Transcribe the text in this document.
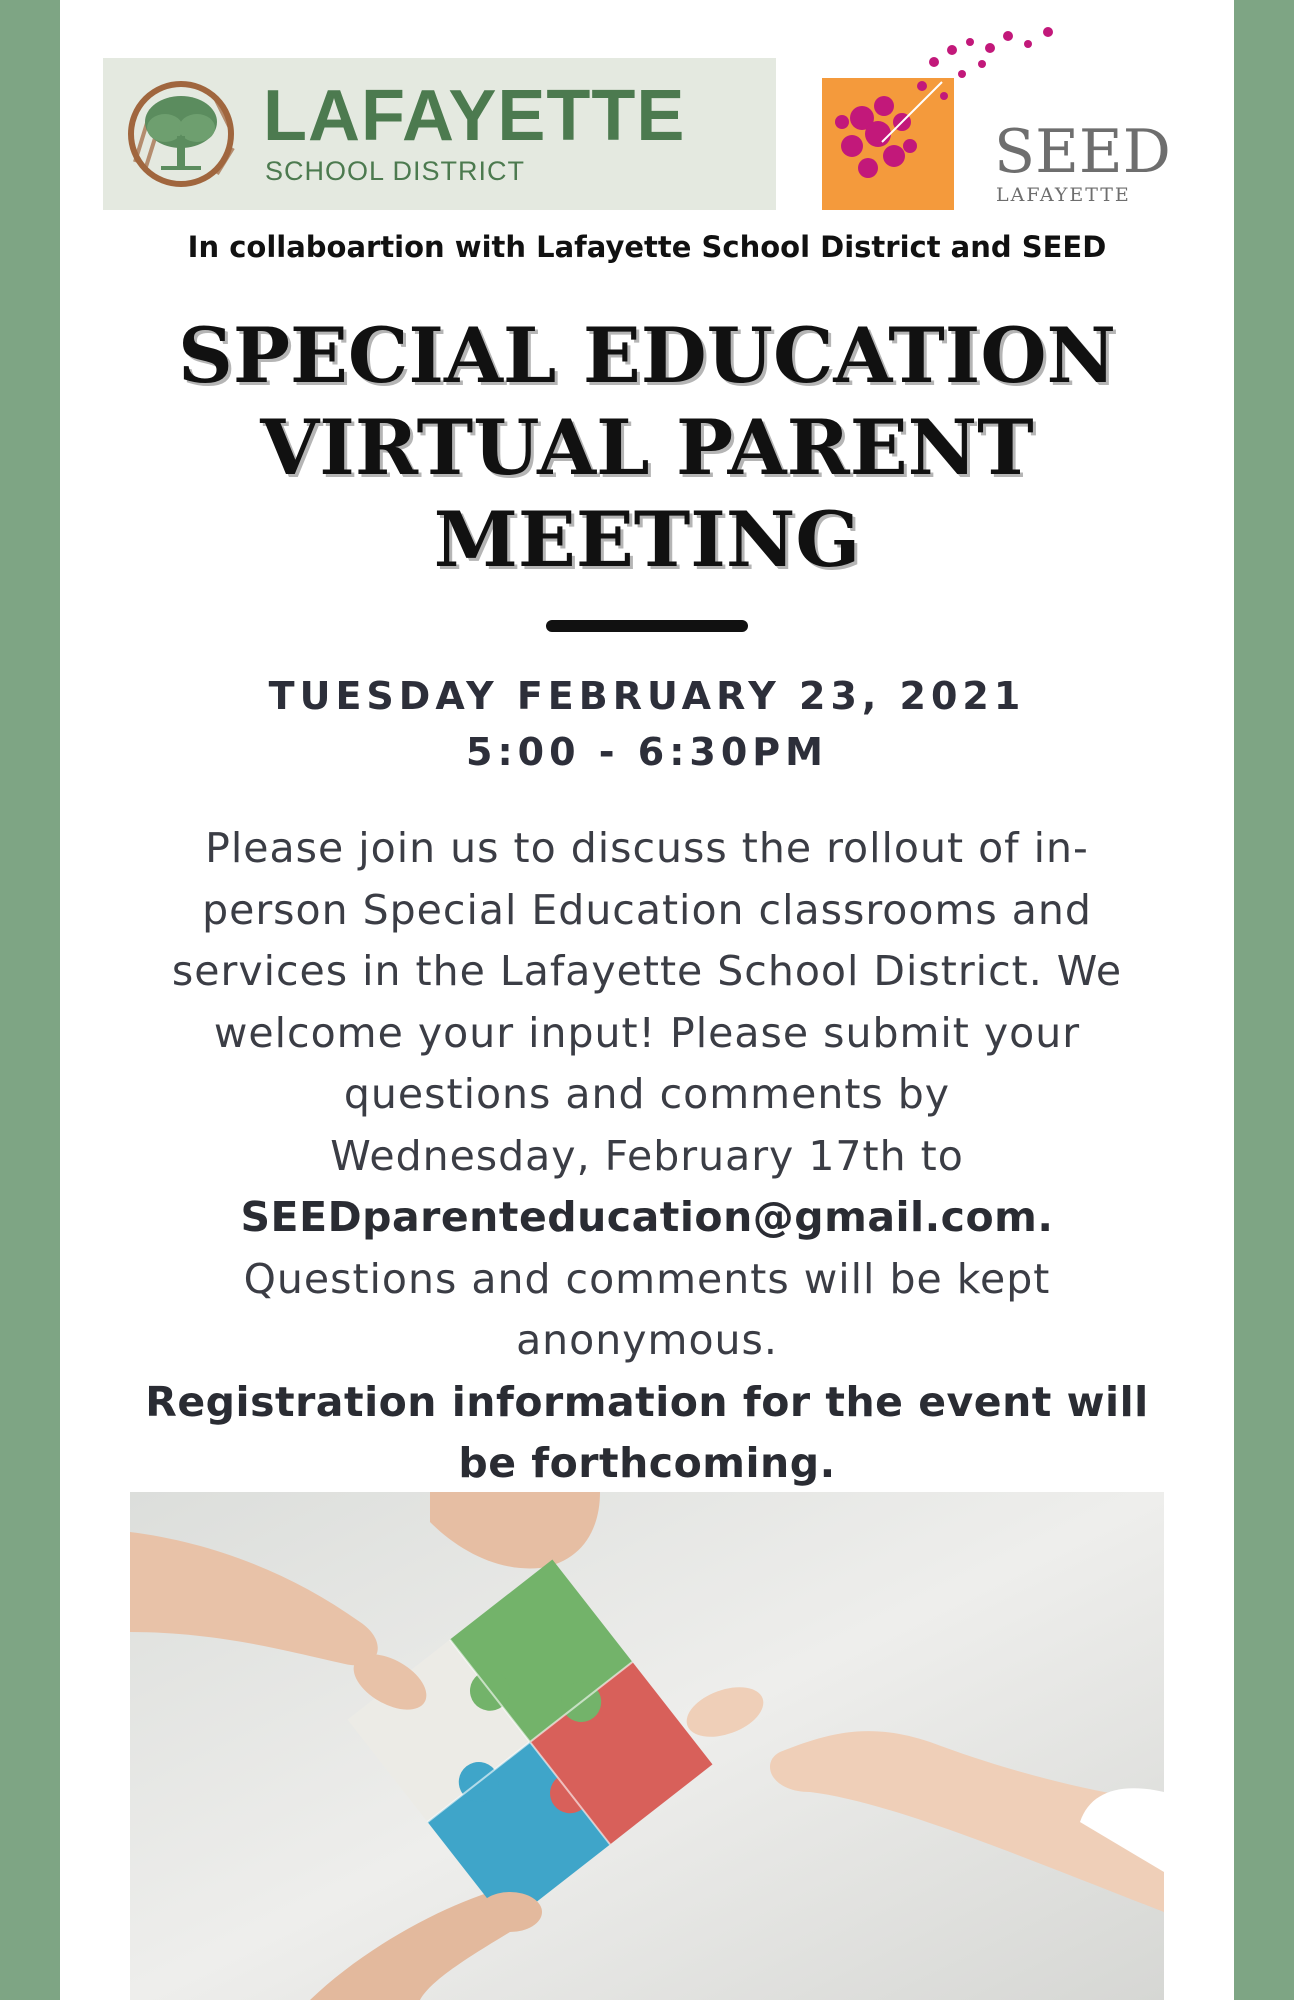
LAFAYETTE
SCHOOL DISTRICT	SEED
LAFAYETTE
In collaboartion with Lafayette School District and SEED
SPECIAL EDUCATION
VIRTUAL PARENT
MEETING
TUESDAY FEBRUARY 23, 2021
5:00 - 6:30PM
Please join us to discuss the rollout of in-
person Special Education classrooms and
services in the Lafayette School District. We
welcome your input! Please submit your
questions and comments by
Wednesday, February 17th to
SEEDparenteducation@gmail.com.
Questions and comments will be kept
anonymous.
Registration information for the event will
be forthcoming.
